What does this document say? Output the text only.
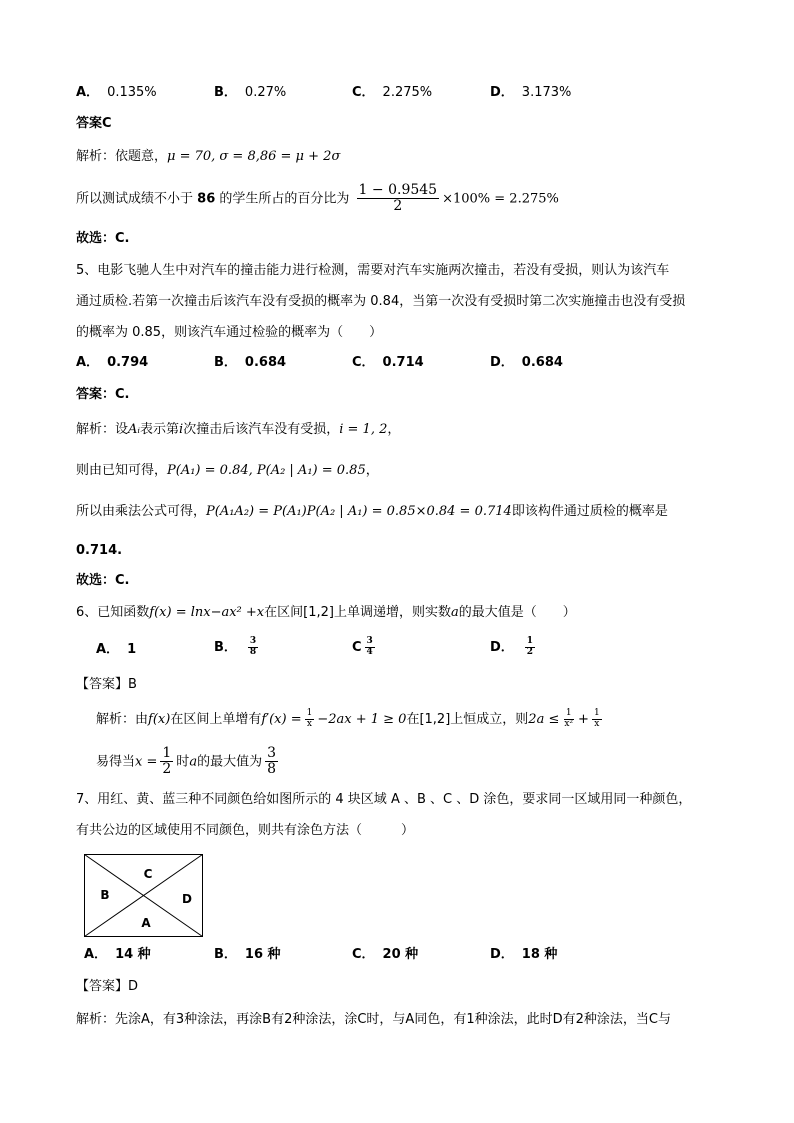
A． 0.135%	B． 0.27%	C． 2.275%	D． 3.173%
答案C
解析：依题意，μ = 70, σ = 8,86 = μ + 2σ
所以测试成绩不小于 86 的学生所占的百分比为 $\frac{1 - 0.9545}{2} \times 100\% = 2.275\%$
故选：C.
5、电影飞驰人生中对汽车的撞击能力进行检测，需要对汽车实施两次撞击，若没有受损，则认为该汽车
通过质检.若第一次撞击后该汽车没有受损的概率为 0.84，当第一次没有受损时第二次实施撞击也没有受损
的概率为 0.85，则该汽车通过检验的概率为（　　）
A． 0.794	B． 0.684	C． 0.714	D． 0.684
答案：C.
解析：设Aᵢ表示第i次撞击后该汽车没有受损，i = 1, 2，
则由已知可得，P(A₁) = 0.84, P(A₂ | A₁) = 0.85，
所以由乘法公式可得，P(A₁A₂) = P(A₁)P(A₂ | A₁) = 0.85×0.84 = 0.714即该构件通过质检的概率是
0.714.
故选：C.
6、已知函数f(x) = lnx−ax² +x在区间[1,2]上单调递增，则实数a的最大值是（　　）
A． 1	B． $\frac{3}{8}$	C $\frac{3}{4}$	D． $\frac{1}{2}$
【答案】B
解析：由f(x)在区间上单增有$f'(x) = \frac{1}{x} -2ax + 1 \ge 0$在[1,2]上恒成立，则$2a \le \frac{1}{\text{x²}} + \frac{1}{x}$
易得当$x = \frac{1}{2}$ 时a的最大值为 $\frac{3}{8}$
7、用红、黄、蓝三种不同颜色给如图所示的 4 块区域 A 、B 、C 、D 涂色，要求同一区域用同一种颜色，
有共公边的区域使用不同颜色，则共有涂色方法（　　　）
C
B	D
A
A． 14 种	B． 16 种	C． 20 种	D． 18 种
【答案】D
解析：先涂A，有3种涂法，再涂B有2种涂法，涂C时，与A同色，有1种涂法，此时D有2种涂法，当C与
